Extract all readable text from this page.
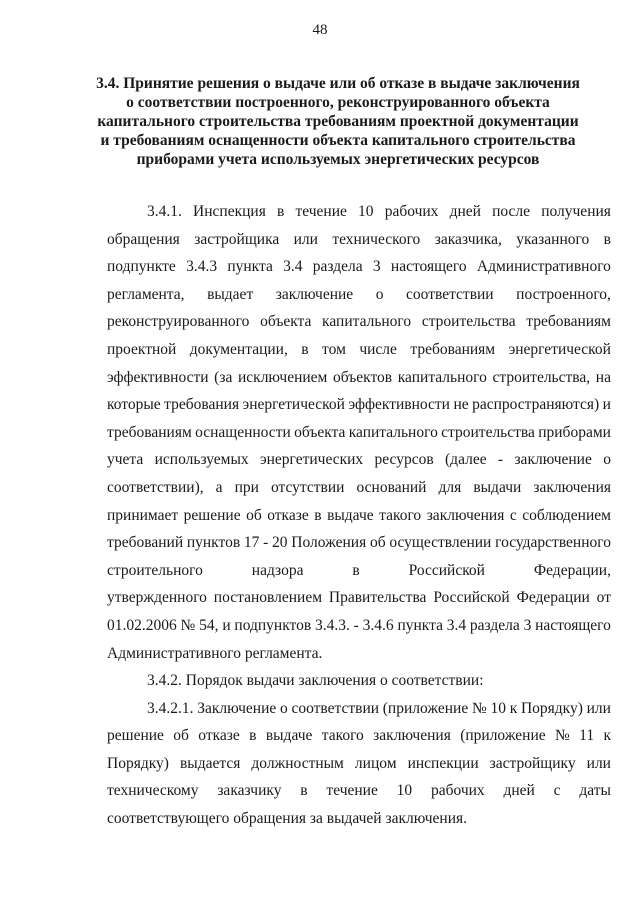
48
3.4. Принятие решения о выдаче или об отказе в выдаче заключения
о соответствии построенного, реконструированного объекта
капитального строительства требованиям проектной документации
и требованиям оснащенности объекта капитального строительства
приборами учета используемых энергетических ресурсов
3.4.1. Инспекция в течение 10 рабочих дней после получения
обращения застройщика или технического заказчика, указанного в
подпункте 3.4.3 пункта 3.4 раздела 3 настоящего Административного
регламента, выдает заключение о соответствии построенного,
реконструированного объекта капитального строительства требованиям
проектной документации, в том числе требованиям энергетической
эффективности (за исключением объектов капитального строительства, на
которые требования энергетической эффективности не распространяются) и
требованиям оснащенности объекта капитального строительства приборами
учета используемых энергетических ресурсов (далее - заключение о
соответствии), а при отсутствии оснований для выдачи заключения
принимает решение об отказе в выдаче такого заключения с соблюдением
требований пунктов 17 - 20 Положения об осуществлении государственного
строительного	надзора	в	Российской	Федерации,
утвержденного постановлением Правительства Российской Федерации от
01.02.2006 № 54, и подпунктов 3.4.3. - 3.4.6 пункта 3.4 раздела 3 настоящего
Административного регламента.
3.4.2. Порядок выдачи заключения о соответствии:
3.4.2.1. Заключение о соответствии (приложение № 10 к Порядку) или
решение об отказе в выдаче такого заключения (приложение № 11 к
Порядку) выдается должностным лицом инспекции застройщику или
техническому заказчику в течение 10 рабочих дней с даты
соответствующего обращения за выдачей заключения.
